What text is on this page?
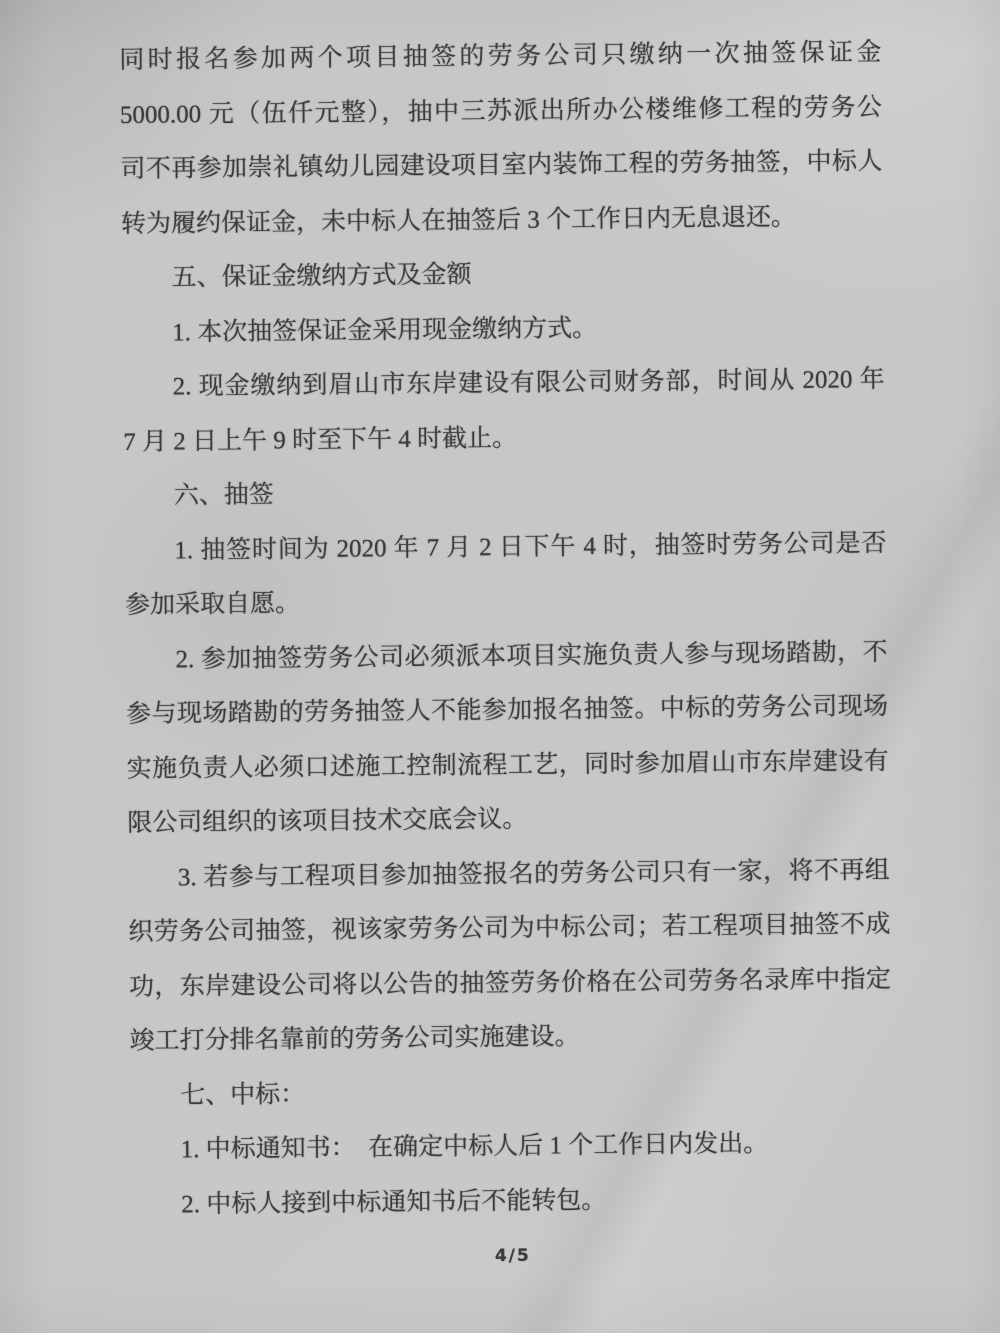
同时报名参加两个项目抽签的劳务公司只缴纳一次抽签保证金
5000.00 元（伍仟元整），抽中三苏派出所办公楼维修工程的劳务公
司不再参加崇礼镇幼儿园建设项目室内装饰工程的劳务抽签，中标人
转为履约保证金，未中标人在抽签后 3 个工作日内无息退还。
五、保证金缴纳方式及金额
1. 本次抽签保证金采用现金缴纳方式。
2. 现金缴纳到眉山市东岸建设有限公司财务部，时间从 2020 年
7 月 2 日上午 9 时至下午 4 时截止。
六、抽签
1. 抽签时间为 2020 年 7 月 2 日下午 4 时，抽签时劳务公司是否
参加采取自愿。
2. 参加抽签劳务公司必须派本项目实施负责人参与现场踏勘，不
参与现场踏勘的劳务抽签人不能参加报名抽签。中标的劳务公司现场
实施负责人必须口述施工控制流程工艺，同时参加眉山市东岸建设有
限公司组织的该项目技术交底会议。
3. 若参与工程项目参加抽签报名的劳务公司只有一家，将不再组
织劳务公司抽签，视该家劳务公司为中标公司；若工程项目抽签不成
功，东岸建设公司将以公告的抽签劳务价格在公司劳务名录库中指定
竣工打分排名靠前的劳务公司实施建设。
七、中标：
1. 中标通知书：  在确定中标人后 1 个工作日内发出。
2. 中标人接到中标通知书后不能转包。
4/5
